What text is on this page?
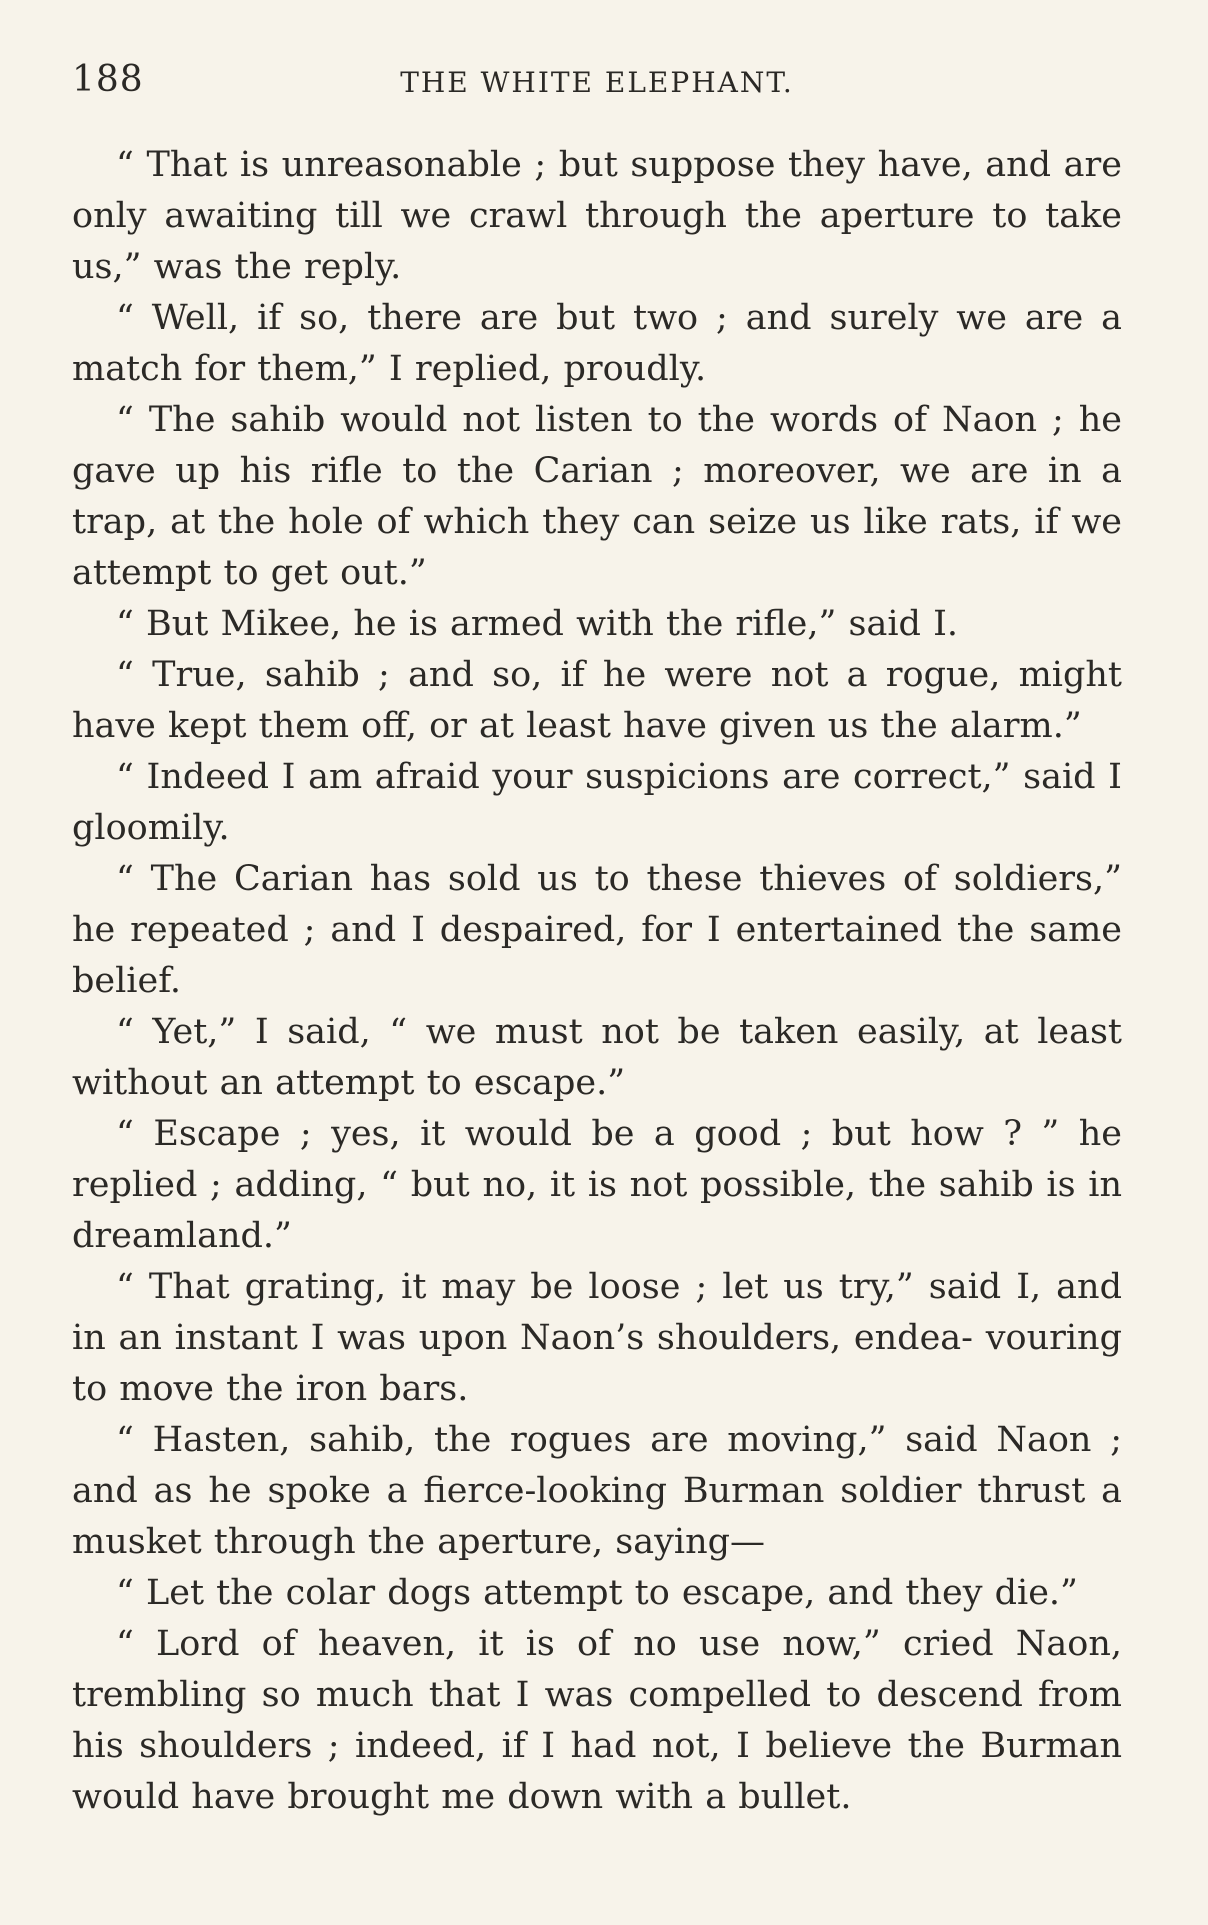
188	THE WHITE ELEPHANT.

“ That is unreasonable ; but suppose they have, and are only awaiting till we crawl through the aperture to take us,” was the reply.

“ Well, if so, there are but two ; and surely we are a match for them,” I replied, proudly.

“ The sahib would not listen to the words of Naon ; he gave up his rifle to the Carian ; moreover, we are in a trap, at the hole of which they can seize us like rats, if we attempt to get out.”

“ But Mikee, he is armed with the rifle,” said I.

“ True, sahib ; and so, if he were not a rogue, might have kept them off, or at least have given us the alarm.”

“ Indeed I am afraid your suspicions are correct,” said I gloomily.

“ The Carian has sold us to these thieves of soldiers,” he repeated ; and I despaired, for I entertained the same belief.

“ Yet,” I said, “ we must not be taken easily, at least without an attempt to escape.”

“ Escape ; yes, it would be a good ; but how ? ” he replied ; adding, “ but no, it is not possible, the sahib is in dreamland.”

“ That grating, it may be loose ; let us try,” said I, and in an instant I was upon Naon’s shoulders, endea- vouring to move the iron bars.

“ Hasten, sahib, the rogues are moving,” said Naon ; and as he spoke a fierce-looking Burman soldier thrust a musket through the aperture, saying—

“ Let the colar dogs attempt to escape, and they die.”

“ Lord of heaven, it is of no use now,” cried Naon, trembling so much that I was compelled to descend from his shoulders ; indeed, if I had not, I believe the Burman would have brought me down with a bullet.
